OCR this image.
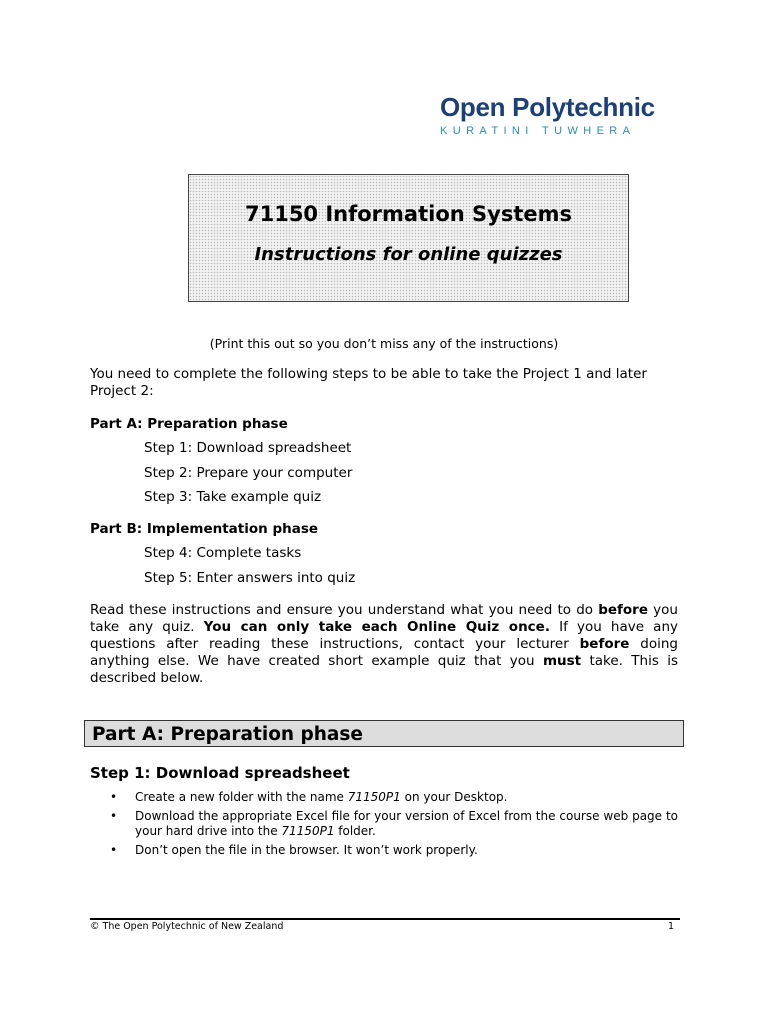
Open Polytechnic
KURATINI TUWHERA
71150 Information Systems
Instructions for online quizzes
(Print this out so you don’t miss any of the instructions)
You need to complete the following steps to be able to take the Project 1 and later Project 2:
Part A: Preparation phase
Step 1: Download spreadsheet
Step 2: Prepare your computer
Step 3: Take example quiz
Part B: Implementation phase
Step 4: Complete tasks
Step 5: Enter answers into quiz
Read these instructions and ensure you understand what you need to do before you take any quiz. You can only take each Online Quiz once. If you have any questions after reading these instructions, contact your lecturer before doing anything else. We have created short example quiz that you must take. This is described below.
Part A: Preparation phase
Step 1: Download spreadsheet
• Create a new folder with the name 71150P1 on your Desktop.
• Download the appropriate Excel file for your version of Excel from the course web page to your hard drive into the 71150P1 folder.
• Don’t open the file in the browser. It won’t work properly.
© The Open Polytechnic of New Zealand	1
